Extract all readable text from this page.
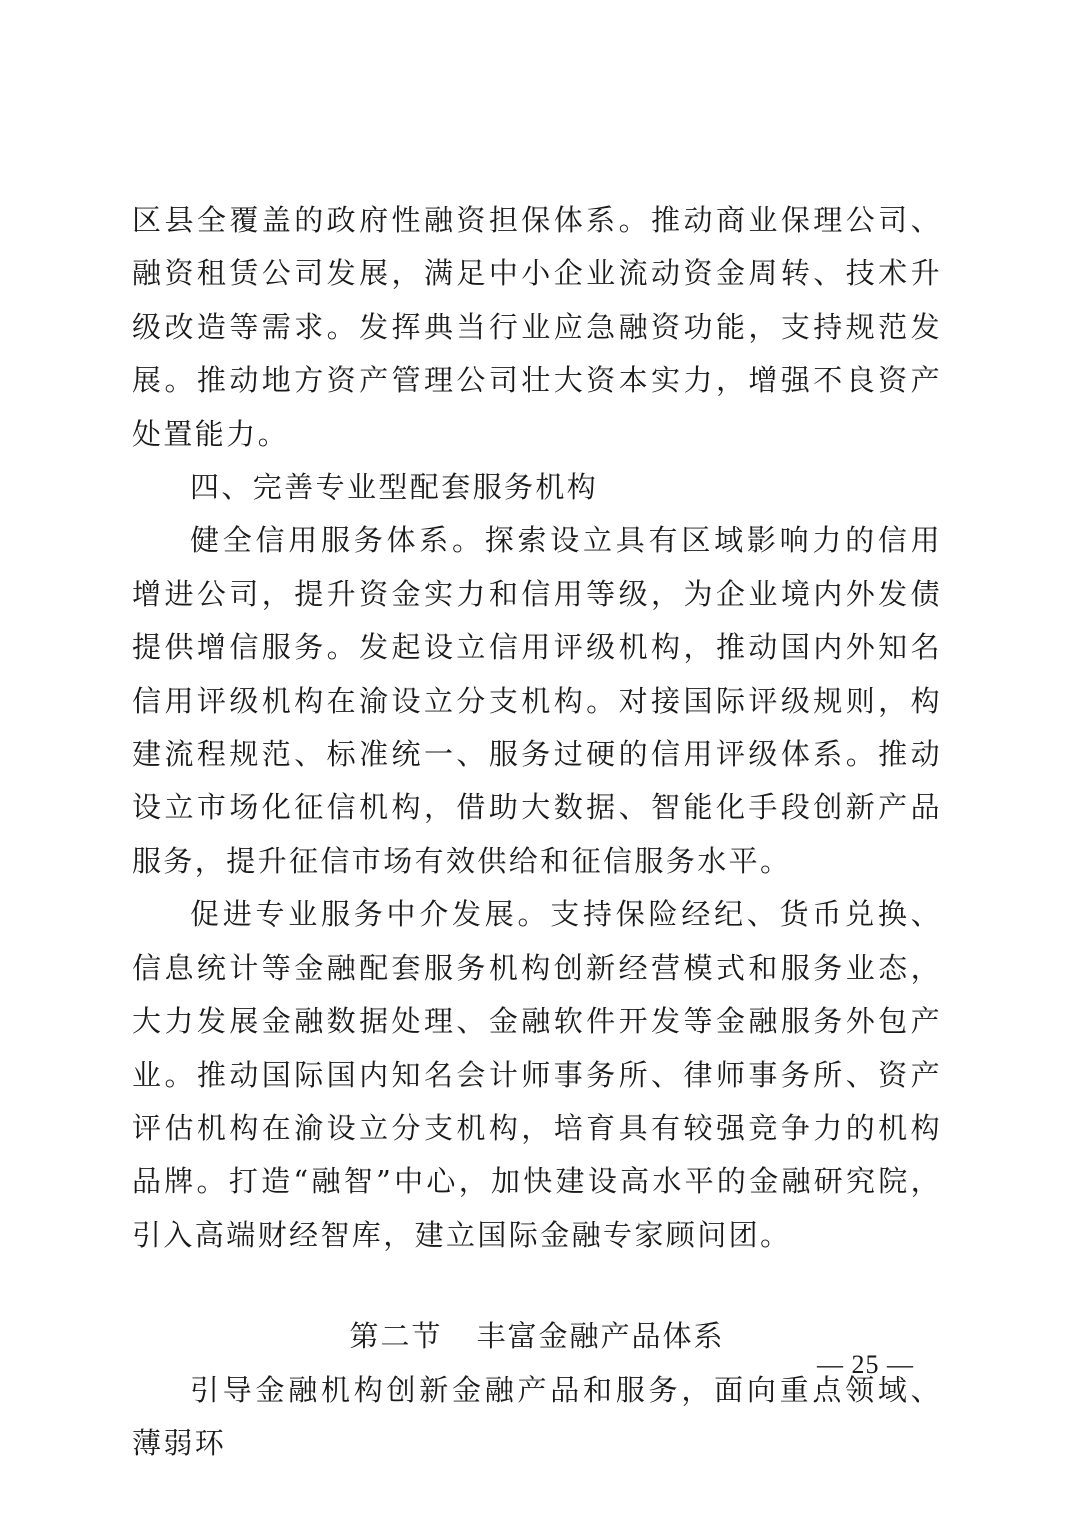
区县全覆盖的政府性融资担保体系。推动商业保理公司、融资租赁公司发展，满足中小企业流动资金周转、技术升级改造等需求。发挥典当行业应急融资功能，支持规范发展。推动地方资产管理公司壮大资本实力，增强不良资产处置能力。

四、完善专业型配套服务机构

健全信用服务体系。探索设立具有区域影响力的信用增进公司，提升资金实力和信用等级，为企业境内外发债提供增信服务。发起设立信用评级机构，推动国内外知名信用评级机构在渝设立分支机构。对接国际评级规则，构建流程规范、标准统一、服务过硬的信用评级体系。推动设立市场化征信机构，借助大数据、智能化手段创新产品服务，提升征信市场有效供给和征信服务水平。

促进专业服务中介发展。支持保险经纪、货币兑换、信息统计等金融配套服务机构创新经营模式和服务业态，大力发展金融数据处理、金融软件开发等金融服务外包产业。推动国际国内知名会计师事务所、律师事务所、资产评估机构在渝设立分支机构，培育具有较强竞争力的机构品牌。打造“融智”中心，加快建设高水平的金融研究院，引入高端财经智库，建立国际金融专家顾问团。

第二节 丰富金融产品体系

引导金融机构创新金融产品和服务，面向重点领域、薄弱环

— 25 —
